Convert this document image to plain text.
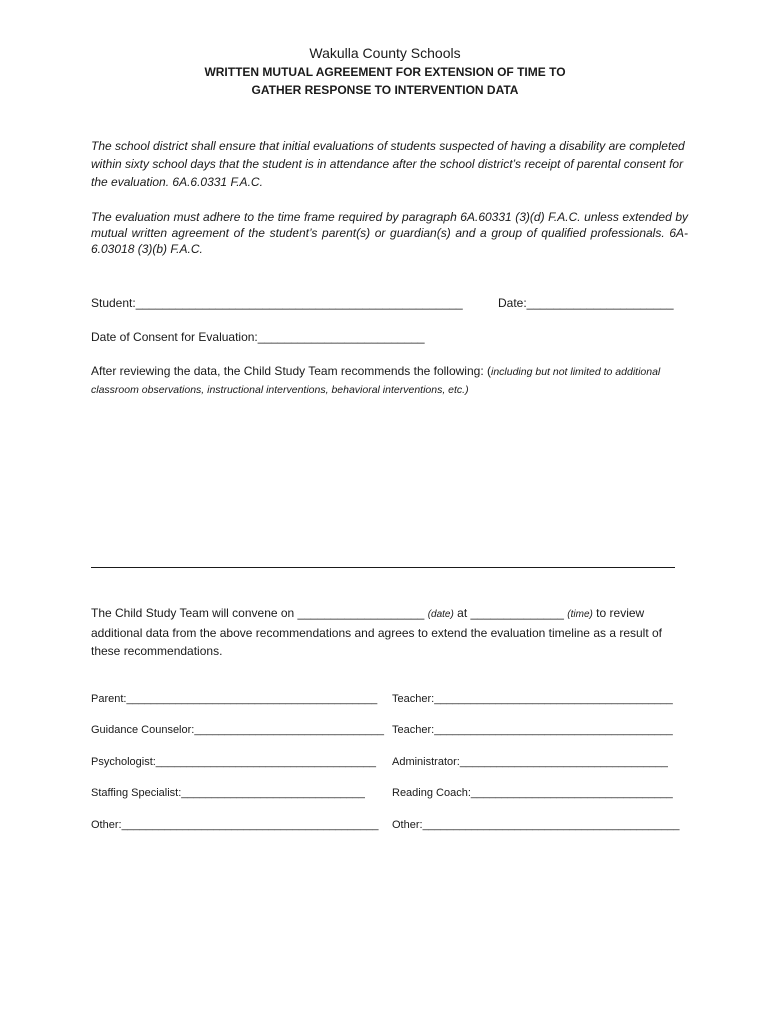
Wakulla County Schools
WRITTEN MUTUAL AGREEMENT FOR EXTENSION OF TIME TO
GATHER RESPONSE TO INTERVENTION DATA
The school district shall ensure that initial evaluations of students suspected of having a disability are completed within sixty school days that the student is in attendance after the school district’s receipt of parental consent for the evaluation. 6A.6.0331 F.A.C.
The evaluation must adhere to the time frame required by paragraph 6A.60331 (3)(d) F.A.C. unless extended by mutual written agreement of the student’s parent(s) or guardian(s) and a group of qualified professionals. 6A-6.03018 (3)(b) F.A.C.
Student:_________________________________________________	Date:______________________
Date of Consent for Evaluation:_________________________
After reviewing the data, the Child Study Team recommends the following: (including but not limited to additional classroom observations, instructional interventions, behavioral interventions, etc.)
The Child Study Team will convene on ___________________ (date) at ______________ (time) to review additional data from the above recommendations and agrees to extend the evaluation timeline as a result of these recommendations.
Parent:_________________________________________ Teacher:_______________________________________
Guidance Counselor:_______________________________ Teacher:_______________________________________
Psychologist:____________________________________ Administrator:__________________________________
Staffing Specialist:______________________________ Reading Coach:_________________________________
Other:__________________________________________ Other:__________________________________________
